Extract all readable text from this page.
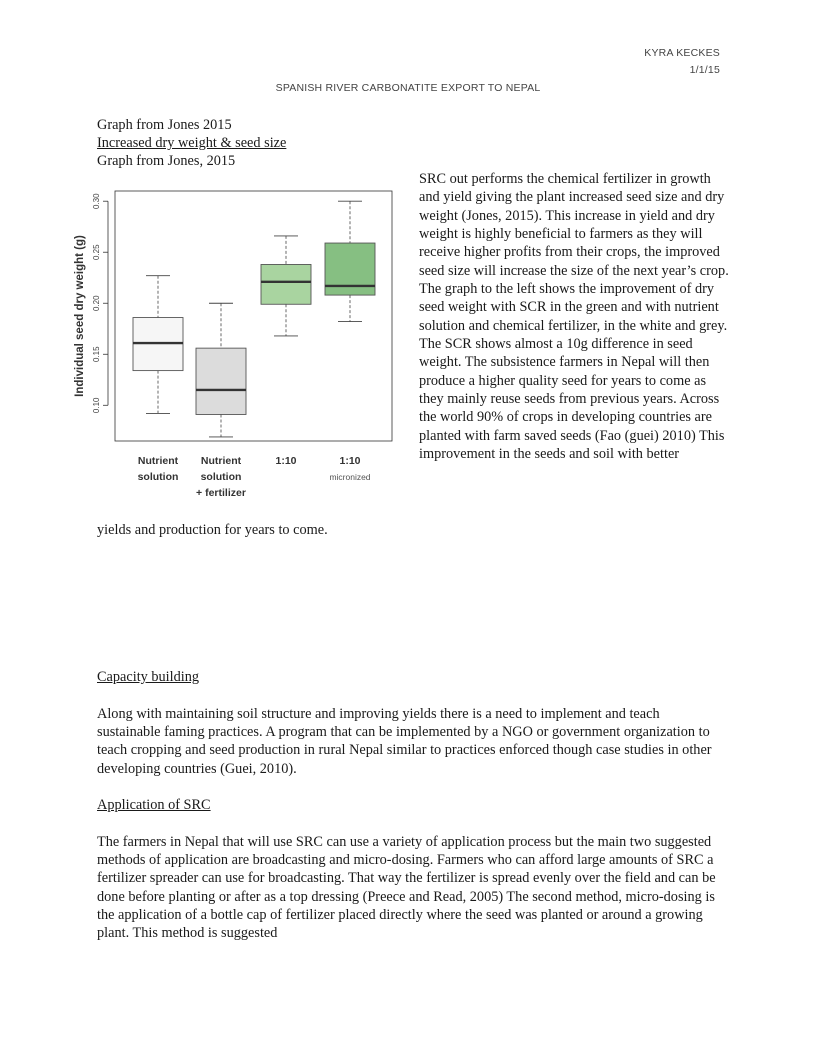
KYRA KECKES
1/1/15
SPANISH RIVER CARBONATITE EXPORT TO NEPAL
Graph from Jones 2015
Increased dry weight & seed size
Graph from Jones, 2015
0.10
0.15
0.20
0.25
0.30
Individual seed dry weight (g)
Nutrient
solution
Nutrient
solution
+ fertilizer
1:10	1:10
micronized
SRC out performs the chemical fertilizer in growth and yield giving the plant increased seed size and dry weight (Jones, 2015). This increase in yield and dry weight is highly beneficial to farmers as they will receive higher profits from their crops, the improved seed size will increase the size of the next year’s crop. The graph to the left shows the improvement of dry seed weight with SCR in the green and with nutrient solution and chemical fertilizer, in the white and grey. The SCR shows almost a 10g difference in seed weight. The subsistence farmers in Nepal will then produce a higher quality seed for years to come as they mainly reuse seeds from previous years. Across the world 90% of crops in developing countries are planted with farm saved seeds (Fao (guei) 2010) This improvement in the seeds and soil with better
yields and production for years to come.
Capacity building
Along with maintaining soil structure and improving yields there is a need to implement and teach sustainable faming practices. A program that can be implemented by a NGO or government organization to teach cropping and seed production in rural Nepal similar to practices enforced though case studies in other developing countries (Guei, 2010).
Application of SRC
The farmers in Nepal that will use SRC can use a variety of application process but the main two suggested methods of application are broadcasting and micro-dosing. Farmers who can afford large amounts of SRC a fertilizer spreader can use for broadcasting. That way the fertilizer is spread evenly over the field and can be done before planting or after as a top dressing (Preece and Read, 2005) The second method, micro-dosing is the application of a bottle cap of fertilizer placed directly where the seed was planted or around a growing plant. This method is suggested
